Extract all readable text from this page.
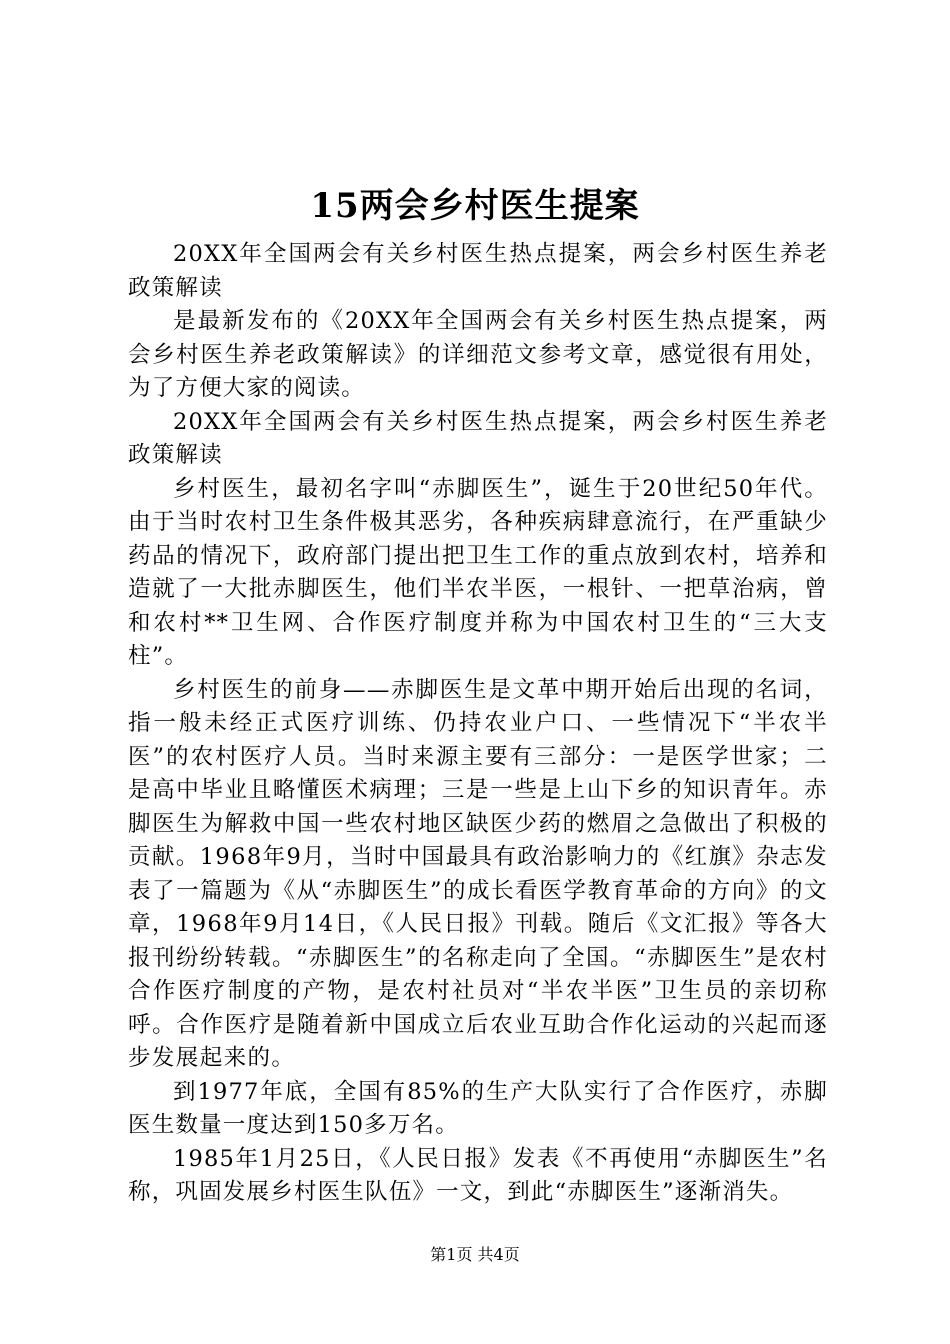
15两会乡村医生提案

20XX年全国两会有关乡村医生热点提案，两会乡村医生养老政策解读

是最新发布的《20XX年全国两会有关乡村医生热点提案，两会乡村医生养老政策解读》的详细范文参考文章，感觉很有用处，为了方便大家的阅读。

20XX年全国两会有关乡村医生热点提案，两会乡村医生养老政策解读

乡村医生，最初名字叫“赤脚医生”，诞生于20世纪50年代。由于当时农村卫生条件极其恶劣，各种疾病肆意流行，在严重缺少药品的情况下，政府部门提出把卫生工作的重点放到农村，培养和造就了一大批赤脚医生，他们半农半医，一根针、一把草治病，曾和农村**卫生网、合作医疗制度并称为中国农村卫生的“三大支柱”。

乡村医生的前身——赤脚医生是文革中期开始后出现的名词，指一般未经正式医疗训练、仍持农业户口、一些情况下“半农半医”的农村医疗人员。当时来源主要有三部分：一是医学世家；二是高中毕业且略懂医术病理；三是一些是上山下乡的知识青年。赤脚医生为解救中国一些农村地区缺医少药的燃眉之急做出了积极的贡献。1968年9月，当时中国最具有政治影响力的《红旗》杂志发表了一篇题为《从“赤脚医生”的成长看医学教育革命的方向》的文章，1968年9月14日，《人民日报》刊载。随后《文汇报》等各大报刊纷纷转载。“赤脚医生”的名称走向了全国。“赤脚医生”是农村合作医疗制度的产物，是农村社员对“半农半医”卫生员的亲切称呼。合作医疗是随着新中国成立后农业互助合作化运动的兴起而逐步发展起来的。

到1977年底，全国有85%的生产大队实行了合作医疗，赤脚医生数量一度达到150多万名。

1985年1月25日，《人民日报》发表《不再使用“赤脚医生”名称，巩固发展乡村医生队伍》一文，到此“赤脚医生”逐渐消失。

第1页 共4页
